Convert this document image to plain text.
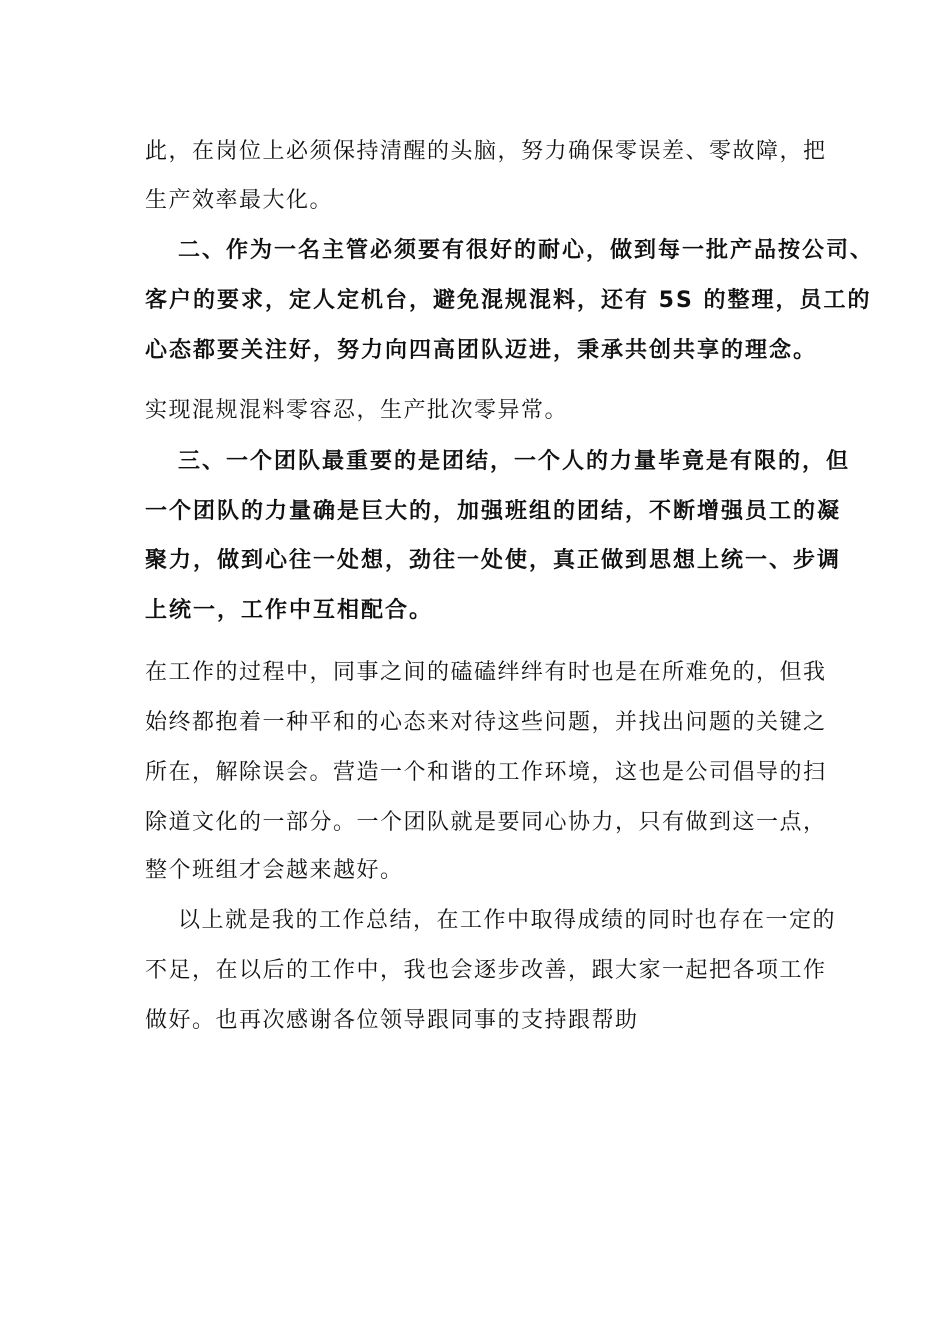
此，在岗位上必须保持清醒的头脑，努力确保零误差、零故障，把
生产效率最大化。
二、作为一名主管必须要有很好的耐心，做到每一批产品按公司、
客户的要求，定人定机台，避免混规混料，还有 5S 的整理，员工的
心态都要关注好，努力向四高团队迈进，秉承共创共享的理念。
实现混规混料零容忍，生产批次零异常。
三、一个团队最重要的是团结，一个人的力量毕竟是有限的，但
一个团队的力量确是巨大的，加强班组的团结，不断增强员工的凝
聚力，做到心往一处想，劲往一处使，真正做到思想上统一、步调
上统一，工作中互相配合。
在工作的过程中，同事之间的磕磕绊绊有时也是在所难免的，但我
始终都抱着一种平和的心态来对待这些问题，并找出问题的关键之
所在，解除误会。营造一个和谐的工作环境，这也是公司倡导的扫
除道文化的一部分。一个团队就是要同心协力，只有做到这一点，
整个班组才会越来越好。
以上就是我的工作总结，在工作中取得成绩的同时也存在一定的
不足，在以后的工作中，我也会逐步改善，跟大家一起把各项工作
做好。也再次感谢各位领导跟同事的支持跟帮助
